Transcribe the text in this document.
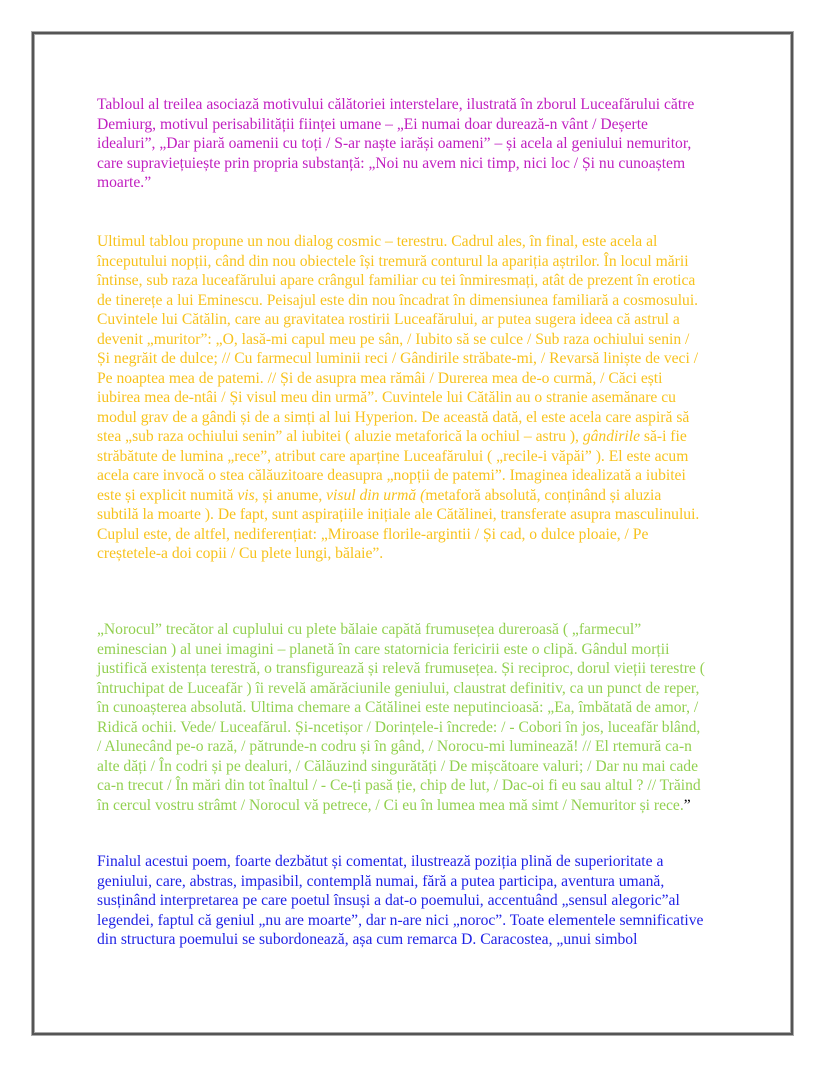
Tabloul al treilea asociază motivului călătoriei interstelare, ilustrată în zborul Luceafărului către
Demiurg, motivul perisabilității ființei umane – „Ei numai doar durează-n vânt / Deșerte
idealuri”, „Dar piară oamenii cu toți / S-ar naște iarăși oameni” – și acela al geniului nemuritor,
care supraviețuiește prin propria substanță: „Noi nu avem nici timp, nici loc / Și nu cunoaștem
moarte.”
Ultimul tablou propune un nou dialog cosmic – terestru. Cadrul ales, în final, este acela al
începutului nopții, când din nou obiectele își tremură conturul la apariția aștrilor. În locul mării
întinse, sub raza luceafărului apare crângul familiar cu tei înmiresmați, atât de prezent în erotica
de tinerețe a lui Eminescu. Peisajul este din nou încadrat în dimensiunea familiară a cosmosului.
Cuvintele lui Cătălin, care au gravitatea rostirii Luceafărului, ar putea sugera ideea că astrul a
devenit „muritor”: „O, lasă-mi capul meu pe sân, / Iubito să se culce / Sub raza ochiului senin /
Și negrăit de dulce; // Cu farmecul luminii reci / Gândirile străbate-mi, / Revarsă liniște de veci /
Pe noaptea mea de patemi. // Și de asupra mea rămâi / Durerea mea de-o curmă, / Căci ești
iubirea mea de-ntâi / Și visul meu din urmă”. Cuvintele lui Cătălin au o stranie asemănare cu
modul grav de a gândi și de a simți al lui Hyperion. De această dată, el este acela care aspiră să
stea „sub raza ochiului senin” al iubitei ( aluzie metaforică la ochiul – astru ), gândirile să-i fie
străbătute de lumina „rece”, atribut care aparține Luceafărului ( „recile-i văpăi” ). El este acum
acela care invocă o stea călăuzitoare deasupra „nopții de patemi”. Imaginea idealizată a iubitei
este și explicit numită vis, și anume, visul din urmă (metaforă absolută, conținând și aluzia
subtilă la moarte ). De fapt, sunt aspirațiile inițiale ale Cătălinei, transferate asupra masculinului.
Cuplul este, de altfel, nediferențiat: „Miroase florile-argintii / Și cad, o dulce ploaie, / Pe
creștetele-a doi copii / Cu plete lungi, bălaie”.
„Norocul” trecător al cuplului cu plete bălaie capătă frumusețea dureroasă ( „farmecul”
eminescian ) al unei imagini – planetă în care statornicia fericirii este o clipă. Gândul morții
justifică existența terestră, o transfigurează și relevă frumusețea. Și reciproc, dorul vieții terestre (
întruchipat de Luceafăr ) îi revelă amărăciunile geniului, claustrat definitiv, ca un punct de reper,
în cunoașterea absolută. Ultima chemare a Cătălinei este neputincioasă: „Ea, îmbătată de amor, /
Ridică ochii. Vede/ Luceafărul. Și-ncetișor / Dorințele-i încrede: / - Cobori în jos, luceafăr blând,
/ Alunecând pe-o rază, / pătrunde-n codru și în gând, / Norocu-mi luminează! // El rtemură ca-n
alte dăți / În codri și pe dealuri, / Călăuzind singurătăți / De mișcătoare valuri; / Dar nu mai cade
ca-n trecut / În mări din tot înaltul / - Ce-ți pasă ție, chip de lut, / Dac-oi fi eu sau altul ? // Trăind
în cercul vostru strâmt / Norocul vă petrece, / Ci eu în lumea mea mă simt / Nemuritor și rece.”
Finalul acestui poem, foarte dezbătut și comentat, ilustrează poziția plină de superioritate a
geniului, care, abstras, impasibil, contemplă numai, fără a putea participa, aventura umană,
susținând interpretarea pe care poetul însuși a dat-o poemului, accentuând „sensul alegoric”al
legendei, faptul că geniul „nu are moarte”, dar n-are nici „noroc”. Toate elementele semnificative
din structura poemului se subordonează, așa cum remarca D. Caracostea, „unui simbol
